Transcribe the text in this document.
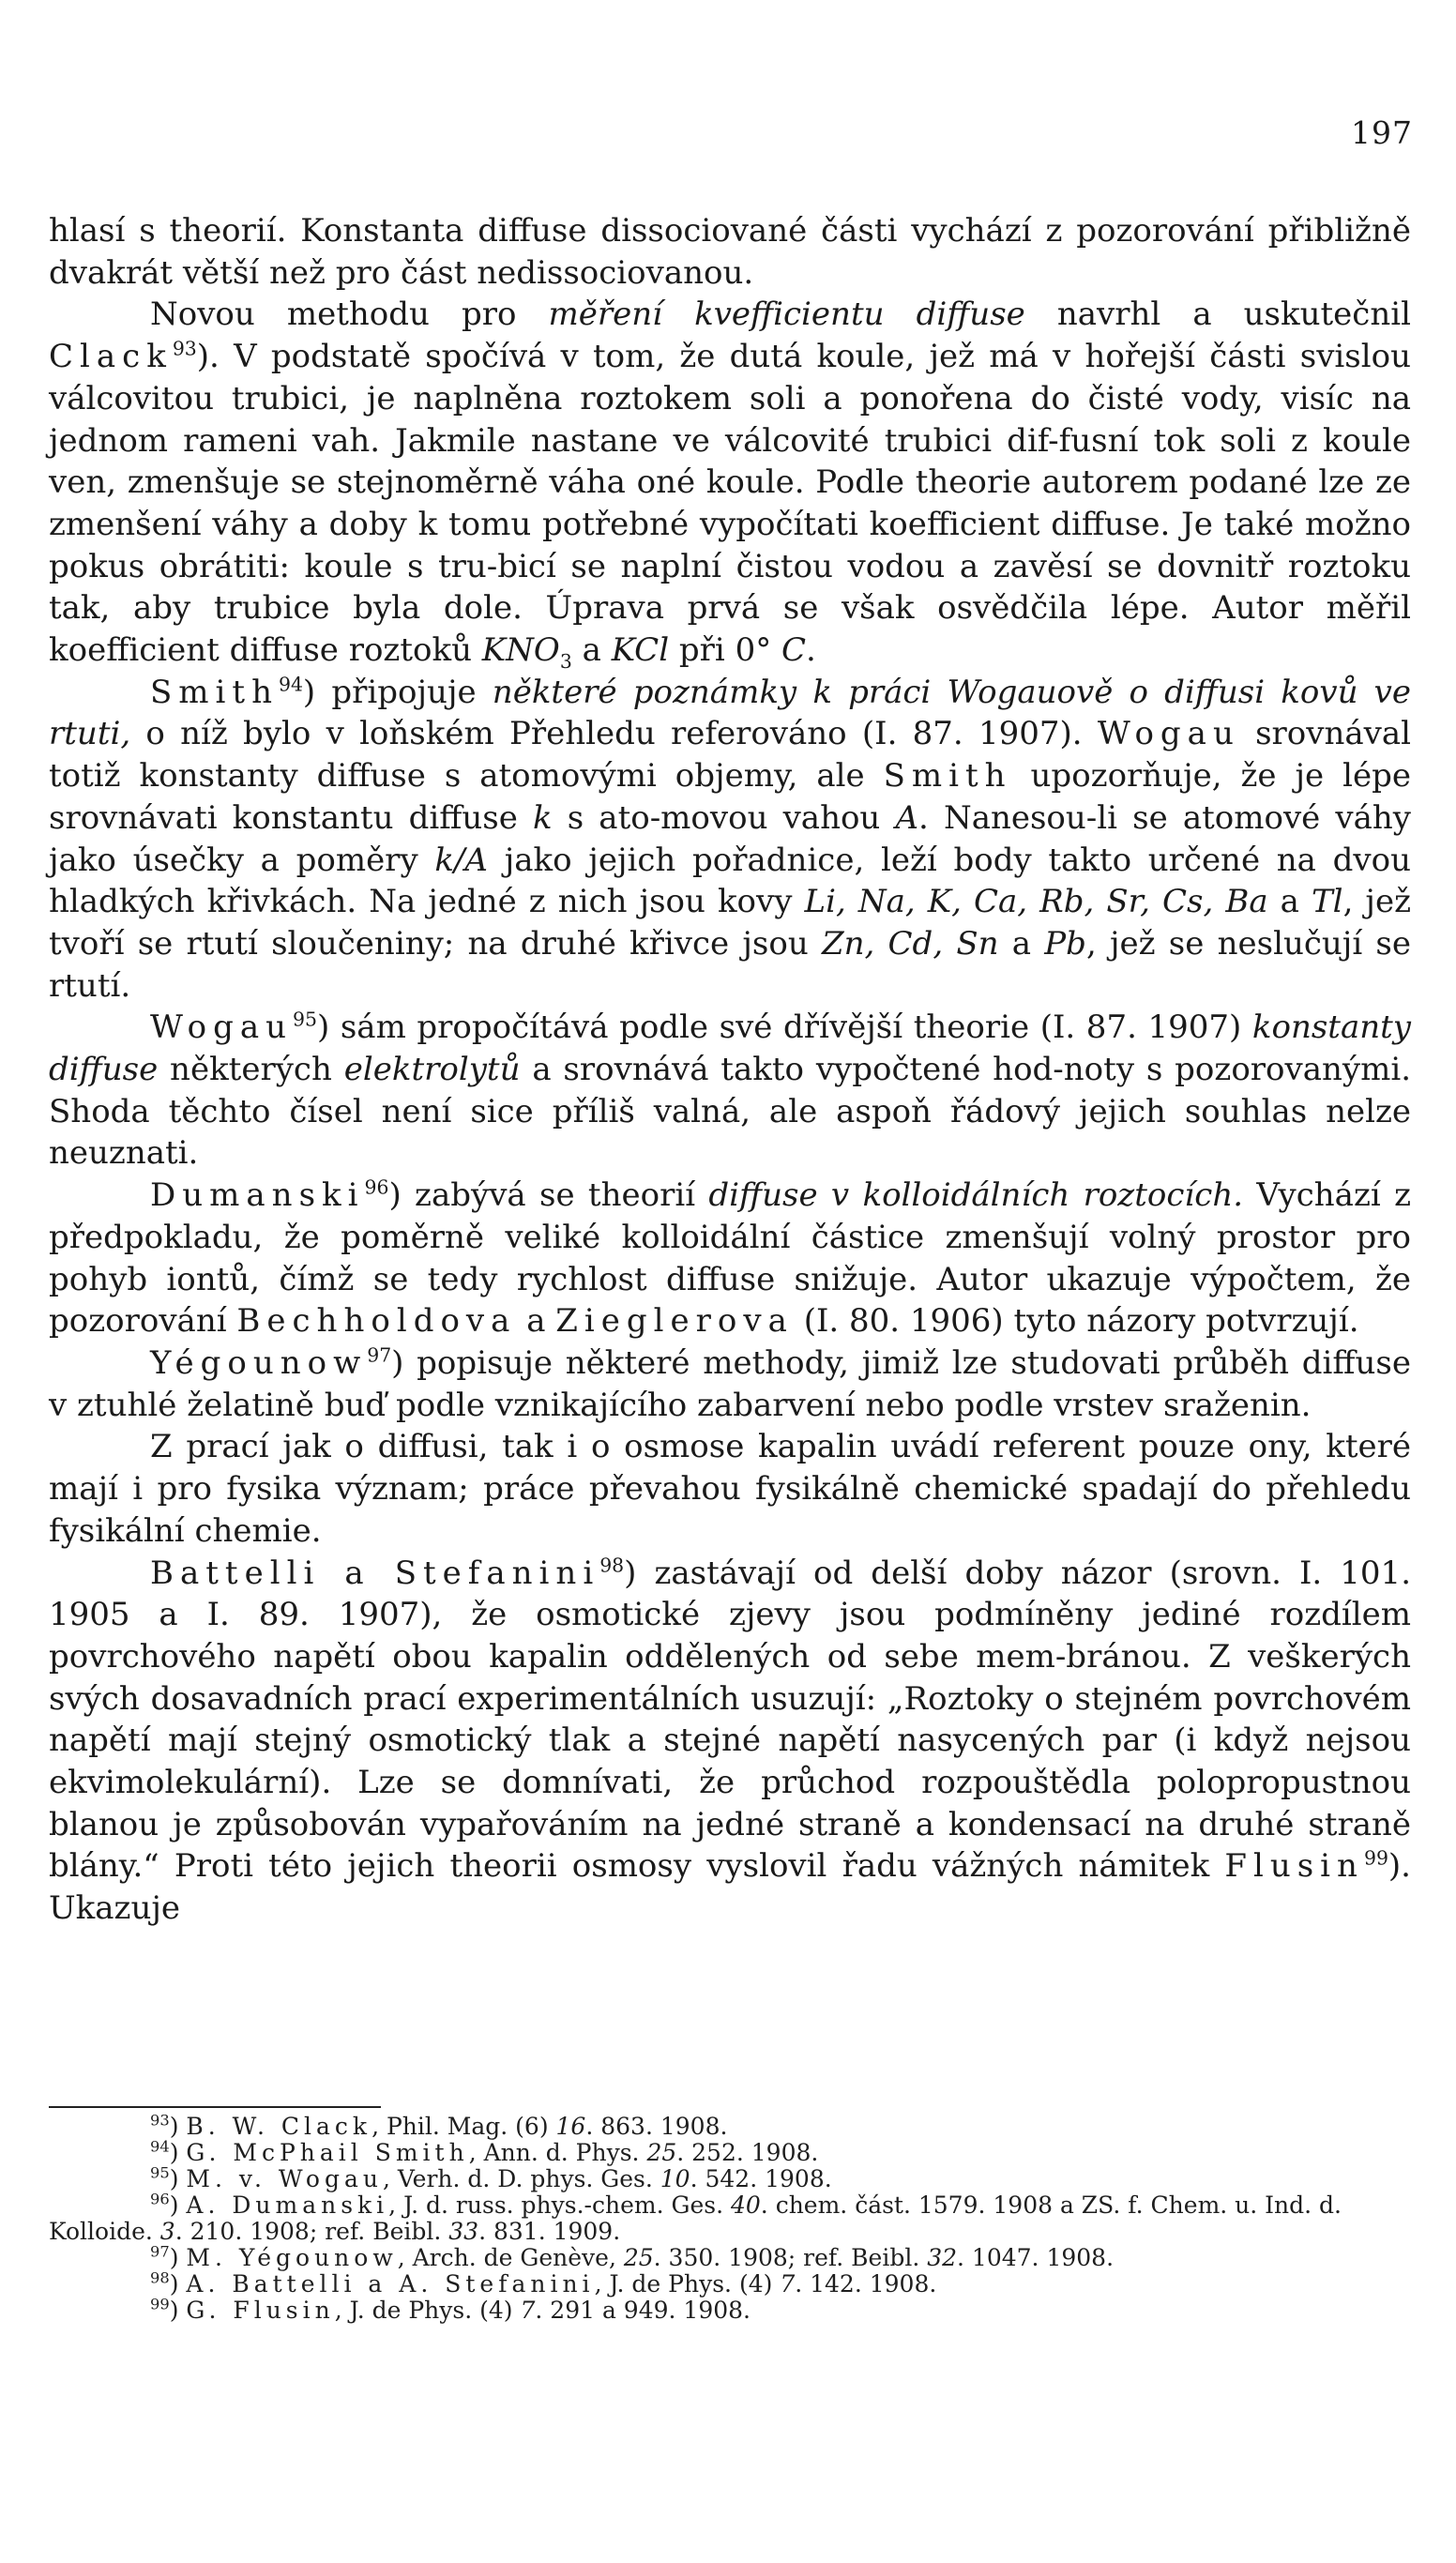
197

hlasí s theorií. Konstanta diffuse dissociované části vychází z pozorování přibližně dvakrát větší než pro část nedissociovanou.

Novou methodu pro měření kvefficientu diffuse navrhl a uskutečnil Clack$^{93}$). V podstatě spočívá v tom, že dutá koule, jež má v hořejší části svislou válcovitou trubici, je naplněna roztokem soli a ponořena do čisté vody, visíc na jednom rameni vah. Jakmile nastane ve válcovité trubici dif-fusní tok soli z koule ven, zmenšuje se stejnoměrně váha oné koule. Podle theorie autorem podané lze ze zmenšení váhy a doby k tomu potřebné vypočítati koefficient diffuse. Je také možno pokus obrátiti: koule s tru-bicí se naplní čistou vodou a zavěsí se dovnitř roztoku tak, aby trubice byla dole. Úprava prvá se však osvědčila lépe. Autor měřil koefficient diffuse roztoků $KNO_3$ a KCl při 0° C.

Smith$^{94}$) připojuje některé poznámky k práci Wogauově o diffusi kovů ve rtuti, o níž bylo v loňském Přehledu referováno (I. 87. 1907). Wogau srovnával totiž konstanty diffuse s atomovými objemy, ale Smith upozorňuje, že je lépe srovnávati konstantu diffuse k s ato-movou vahou A. Nanesou-li se atomové váhy jako úsečky a poměry k/A jako jejich pořadnice, leží body takto určené na dvou hladkých křivkách. Na jedné z nich jsou kovy Li, Na, K, Ca, Rb, Sr, Cs, Ba a Tl, jež tvoří se rtutí sloučeniny; na druhé křivce jsou Zn, Cd, Sn a Pb, jež se neslučují se rtutí.

Wogau$^{95}$) sám propočítává podle své dřívější theorie (I. 87. 1907) konstanty diffuse některých elektrolytů a srovnává takto vypočtené hod-noty s pozorovanými. Shoda těchto čísel není sice příliš valná, ale aspoň řádový jejich souhlas nelze neuznati.

Dumanski$^{96}$) zabývá se theorií diffuse v kolloidálních roztocích. Vychází z předpokladu, že poměrně veliké kolloidální částice zmenšují volný prostor pro pohyb iontů, čímž se tedy rychlost diffuse snižuje. Autor ukazuje výpočtem, že pozorování Bechholdova a Zieglerova (I. 80. 1906) tyto názory potvrzují.

Yégounow$^{97}$) popisuje některé methody, jimiž lze studovati průběh diffuse v ztuhlé želatině buď podle vznikajícího zabarvení nebo podle vrstev sraženin.

Z prací jak o diffusi, tak i o osmose kapalin uvádí referent pouze ony, které mají i pro fysika význam; práce převahou fysikálně chemické spadají do přehledu fysikální chemie.

Battelli a Stefanini$^{98}$) zastávají od delší doby názor (srovn. I. 101. 1905 a I. 89. 1907), že osmotické zjevy jsou podmíněny jediné rozdílem povrchového napětí obou kapalin oddělených od sebe mem-bránou. Z veškerých svých dosavadních prací experimentálních usuzují: „Roztoky o stejném povrchovém napětí mají stejný osmotický tlak a stejné napětí nasycených par (i když nejsou ekvimolekulární). Lze se domnívati, že průchod rozpouštědla polopropustnou blanou je způsobován vypařováním na jedné straně a kondensací na druhé straně blány.“ Proti této jejich theorii osmosy vyslovil řadu vážných námitek Flusin$^{99}$). Ukazuje

$^{93}$) B. W. Clack, Phil. Mag. (6) 16. 863. 1908.

$^{94}$) G. McPhail Smith, Ann. d. Phys. 25. 252. 1908.

$^{95}$) M. v. Wogau, Verh. d. D. phys. Ges. 10. 542. 1908.

$^{96}$) A. Dumanski, J. d. russ. phys.-chem. Ges. 40. chem. část. 1579. 1908 a ZS. f. Chem. u. Ind. d. Kolloide. 3. 210. 1908; ref. Beibl. 33. 831. 1909.

$^{97}$) M. Yégounow, Arch. de Genève, 25. 350. 1908; ref. Beibl. 32. 1047. 1908.

$^{98}$) A. Battelli a A. Stefanini, J. de Phys. (4) 7. 142. 1908.

$^{99}$) G. Flusin, J. de Phys. (4) 7. 291 a 949. 1908.
